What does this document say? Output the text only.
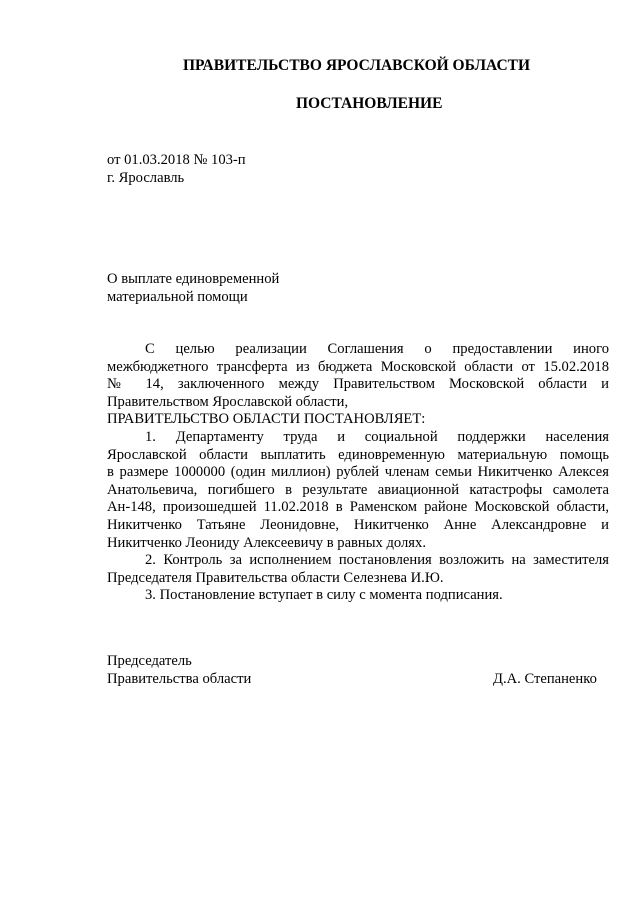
ПРАВИТЕЛЬСТВО ЯРОСЛАВСКОЙ ОБЛАСТИ
ПОСТАНОВЛЕНИЕ
от 01.03.2018 № 103-п
г. Ярославль
О выплате единовременной
материальной помощи
С целью реализации Соглашения о предоставлении иного
межбюджетного трансферта из бюджета Московской области от 15.02.2018
№ 14, заключенного между Правительством Московской области и
Правительством Ярославской области,
ПРАВИТЕЛЬСТВО ОБЛАСТИ ПОСТАНОВЛЯЕТ:
1. Департаменту труда и социальной поддержки населения
Ярославской области выплатить единовременную материальную помощь
в размере 1000000 (один миллион) рублей членам семьи Никитченко Алексея
Анатольевича, погибшего в результате авиационной катастрофы самолета
Ан-148, произошедшей 11.02.2018 в Раменском районе Московской области,
Никитченко Татьяне Леонидовне, Никитченко Анне Александровне и
Никитченко Леониду Алексеевичу в равных долях.
2. Контроль за исполнением постановления возложить на заместителя
Председателя Правительства области Селезнева И.Ю.
3. Постановление вступает в силу с момента подписания.
Председатель
Правительства области	Д.А. Степаненко
